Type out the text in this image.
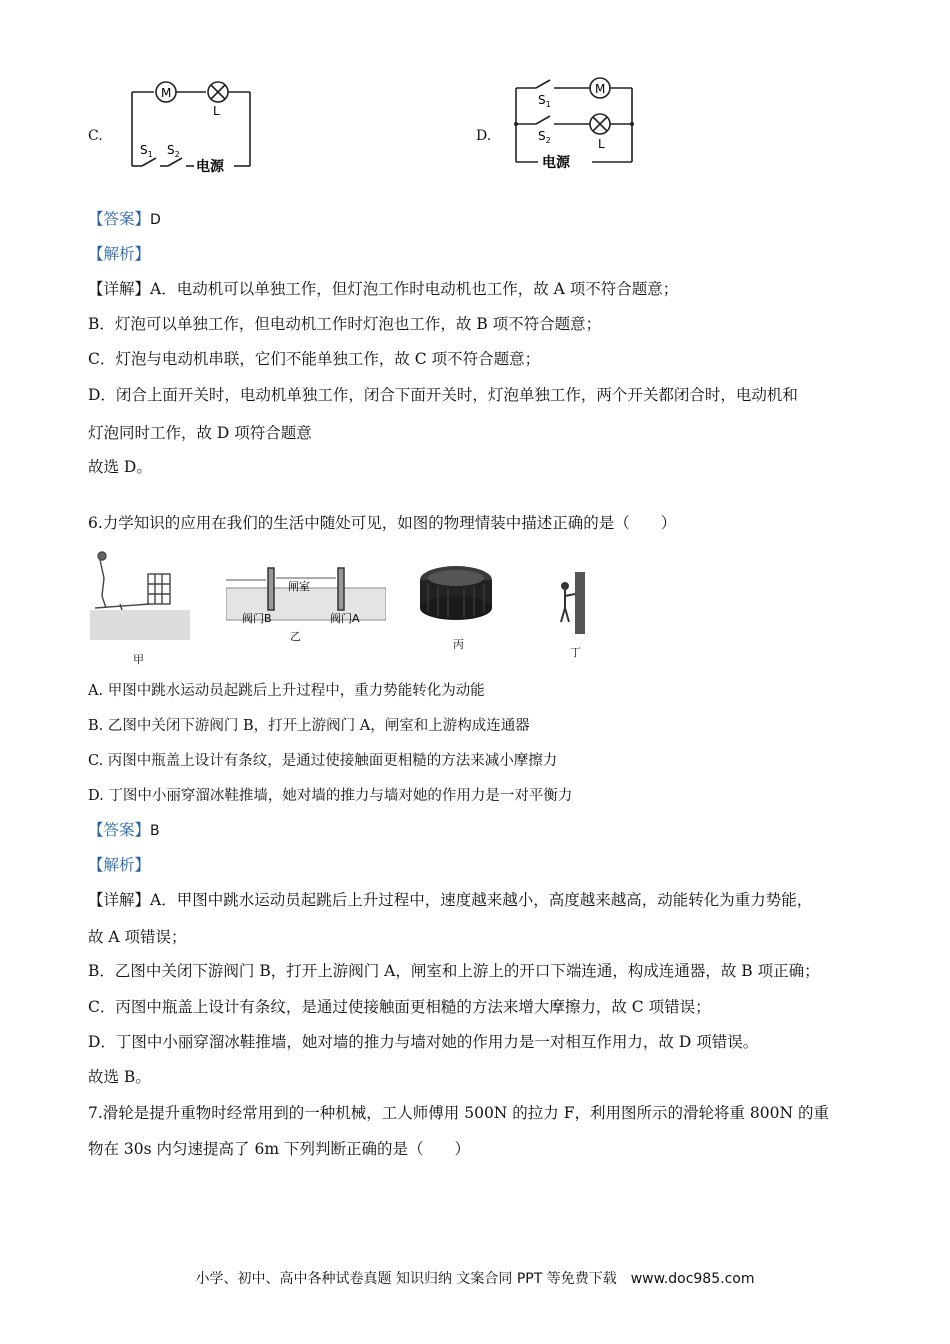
C.
M
L
$S_1$ $S_2$
电源
D.
M
L
$S_1$
$S_2$
电源
【答案】D
【解析】
【详解】A．电动机可以单独工作，但灯泡工作时电动机也工作，故 A 项不符合题意；
B．灯泡可以单独工作，但电动机工作时灯泡也工作，故 B 项不符合题意；
C．灯泡与电动机串联，它们不能单独工作，故 C 项不符合题意；
D．闭合上面开关时，电动机单独工作，闭合下面开关时，灯泡单独工作，两个开关都闭合时，电动机和
灯泡同时工作，故 D 项符合题意
故选 D。
6.力学知识的应用在我们的生活中随处可见，如图的物理情装中描述正确的是（　　）
甲
闸室
阀门B	阀门A
乙
丙
丁
A. 甲图中跳水运动员起跳后上升过程中，重力势能转化为动能
B. 乙图中关闭下游阀门 B，打开上游阀门 A，闸室和上游构成连通器
C. 丙图中瓶盖上设计有条纹，是通过使接触面更相糙的方法来减小摩擦力
D. 丁图中小丽穿溜冰鞋推墙，她对墙的推力与墙对她的作用力是一对平衡力
【答案】B
【解析】
【详解】A．甲图中跳水运动员起跳后上升过程中，速度越来越小，高度越来越高，动能转化为重力势能，
故 A 项错误；
B．乙图中关闭下游阀门 B，打开上游阀门 A，闸室和上游上的开口下端连通，构成连通器，故 B 项正确；
C．丙图中瓶盖上设计有条纹，是通过使接触面更相糙的方法来增大摩擦力，故 C 项错误；
D．丁图中小丽穿溜冰鞋推墙，她对墙的推力与墙对她的作用力是一对相互作用力，故 D 项错误。
故选 B。
7.滑轮是提升重物时经常用到的一种机械，工人师傅用 500N 的拉力 F，利用图所示的滑轮将重 800N 的重
物在 30s 内匀速提高了 6m 下列判断正确的是（　　）
小学、初中、高中各种试卷真题 知识归纳 文案合同 PPT 等免费下载　www.doc985.com
